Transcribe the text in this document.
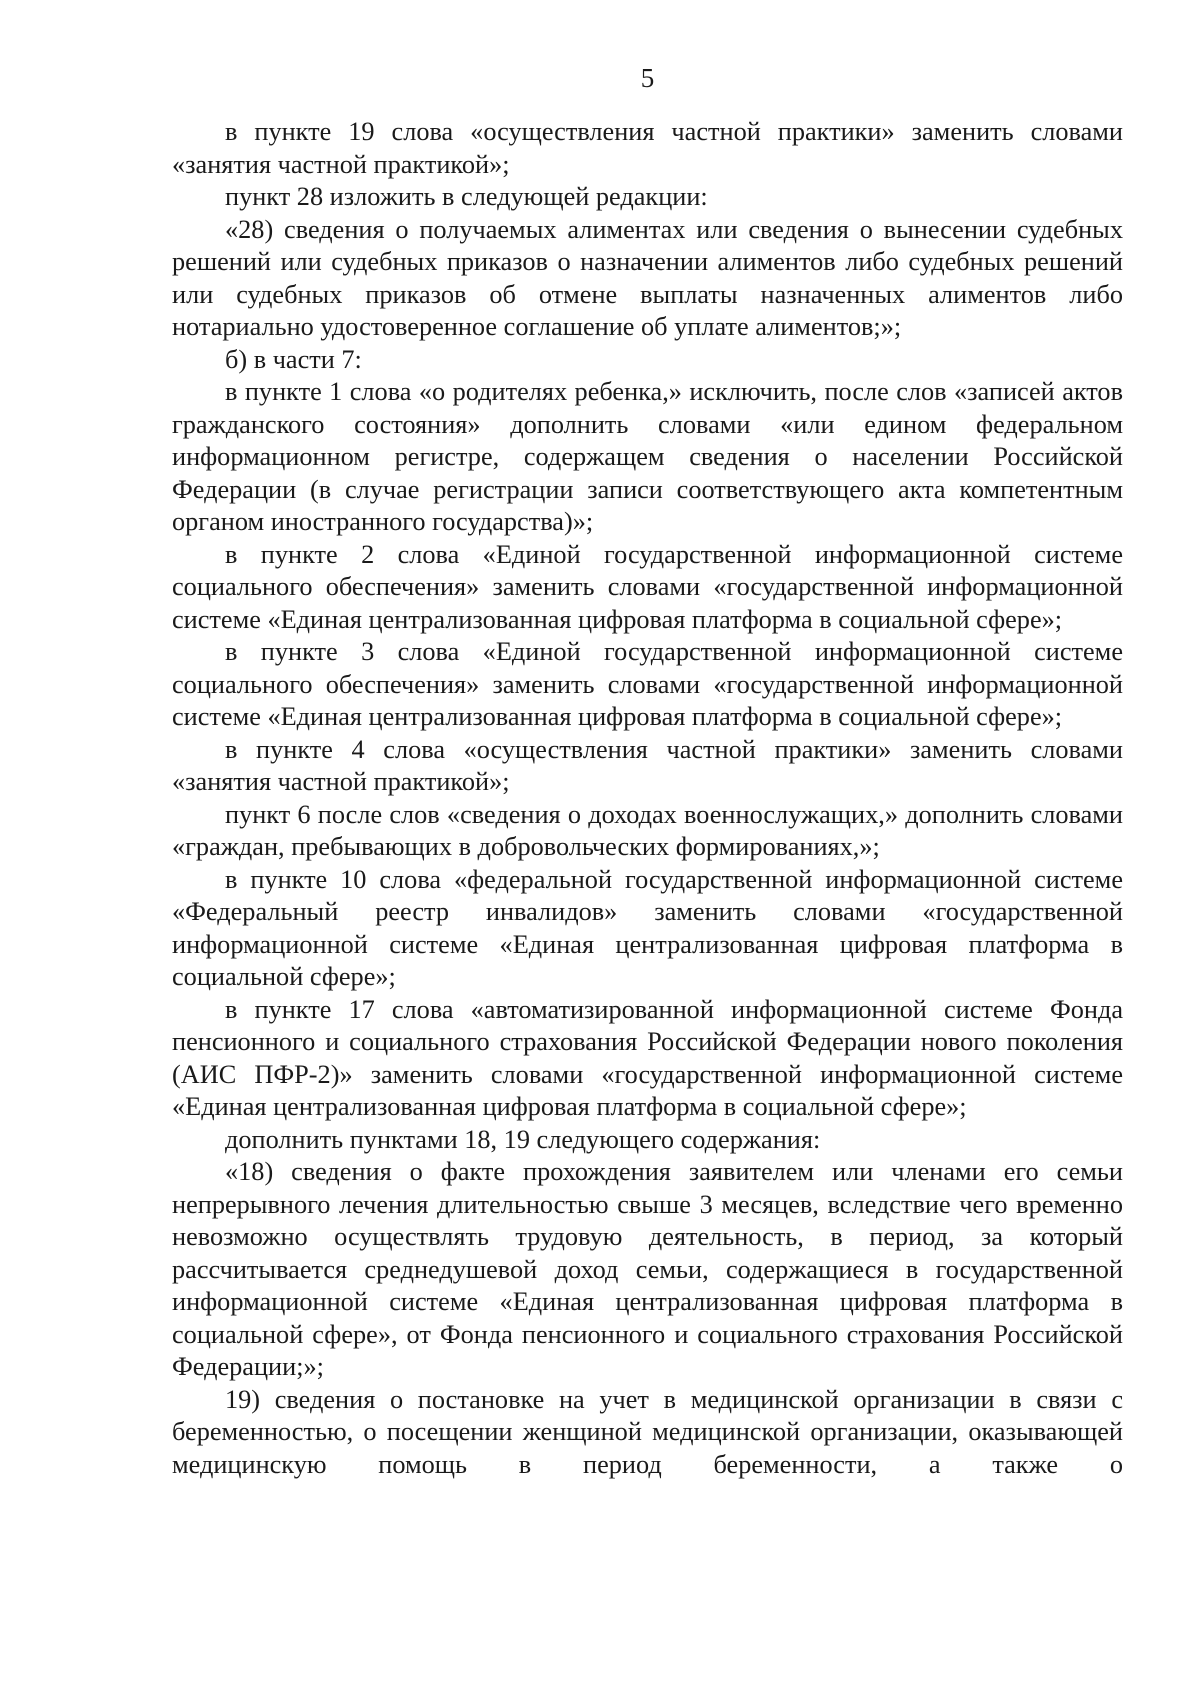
5

в пункте 19 слова «осуществления частной практики» заменить словами «занятия частной практикой»;

пункт 28 изложить в следующей редакции:

«28) сведения о получаемых алиментах или сведения о вынесении судебных решений или судебных приказов о назначении алиментов либо судебных решений или судебных приказов об отмене выплаты назначенных алиментов либо нотариально удостоверенное соглашение об уплате алиментов;»;

б) в части 7:

в пункте 1 слова «о родителях ребенка,» исключить, после слов «записей актов гражданского состояния» дополнить словами «или едином федеральном информационном регистре, содержащем сведения о населении Российской Федерации (в случае регистрации записи соответствующего акта компетентным органом иностранного государства)»;

в пункте 2 слова «Единой государственной информационной системе социального обеспечения» заменить словами «государственной информационной системе «Единая централизованная цифровая платформа в социальной сфере»;

в пункте 3 слова «Единой государственной информационной системе социального обеспечения» заменить словами «государственной информационной системе «Единая централизованная цифровая платформа в социальной сфере»;

в пункте 4 слова «осуществления частной практики» заменить словами «занятия частной практикой»;

пункт 6 после слов «сведения о доходах военнослужащих,» дополнить словами «граждан, пребывающих в добровольческих формированиях,»;

в пункте 10 слова «федеральной государственной информационной системе «Федеральный реестр инвалидов» заменить словами «государственной информационной системе «Единая централизованная цифровая платформа в социальной сфере»;

в пункте 17 слова «автоматизированной информационной системе Фонда пенсионного и социального страхования Российской Федерации нового поколения (АИС ПФР-2)» заменить словами «государственной информационной системе «Единая централизованная цифровая платформа в социальной сфере»;

дополнить пунктами 18, 19 следующего содержания:

«18) сведения о факте прохождения заявителем или членами его семьи непрерывного лечения длительностью свыше 3 месяцев, вследствие чего временно невозможно осуществлять трудовую деятельность, в период, за который рассчитывается среднедушевой доход семьи, содержащиеся в государственной информационной системе «Единая централизованная цифровая платформа в социальной сфере», от Фонда пенсионного и социального страхования Российской Федерации;»;

19) сведения о постановке на учет в медицинской организации в связи с беременностью, о посещении женщиной медицинской организации, оказывающей медицинскую помощь в период беременности, а также о
